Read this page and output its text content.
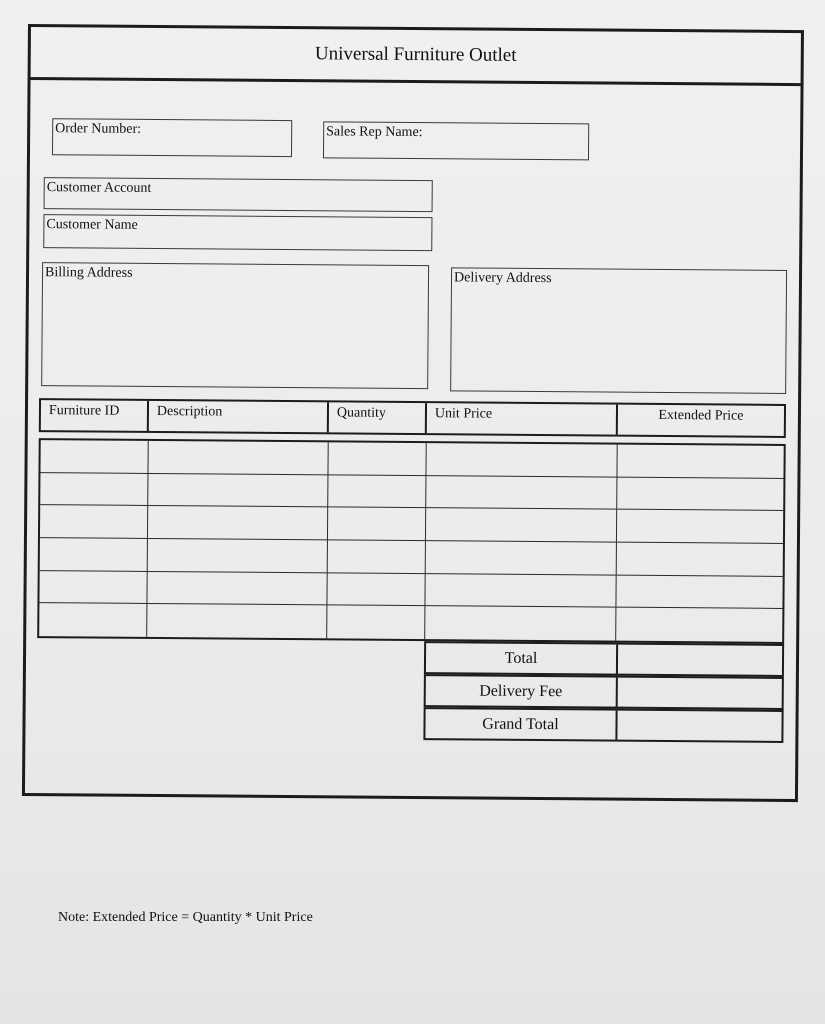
Universal Furniture Outlet
Order Number:	Sales Rep Name:
Customer Account
Customer Name
Billing Address	Delivery Address
Furniture ID	Description	Quantity	Unit Price	Extended Price
Total
Delivery Fee
Grand Total
Note: Extended Price = Quantity * Unit Price
